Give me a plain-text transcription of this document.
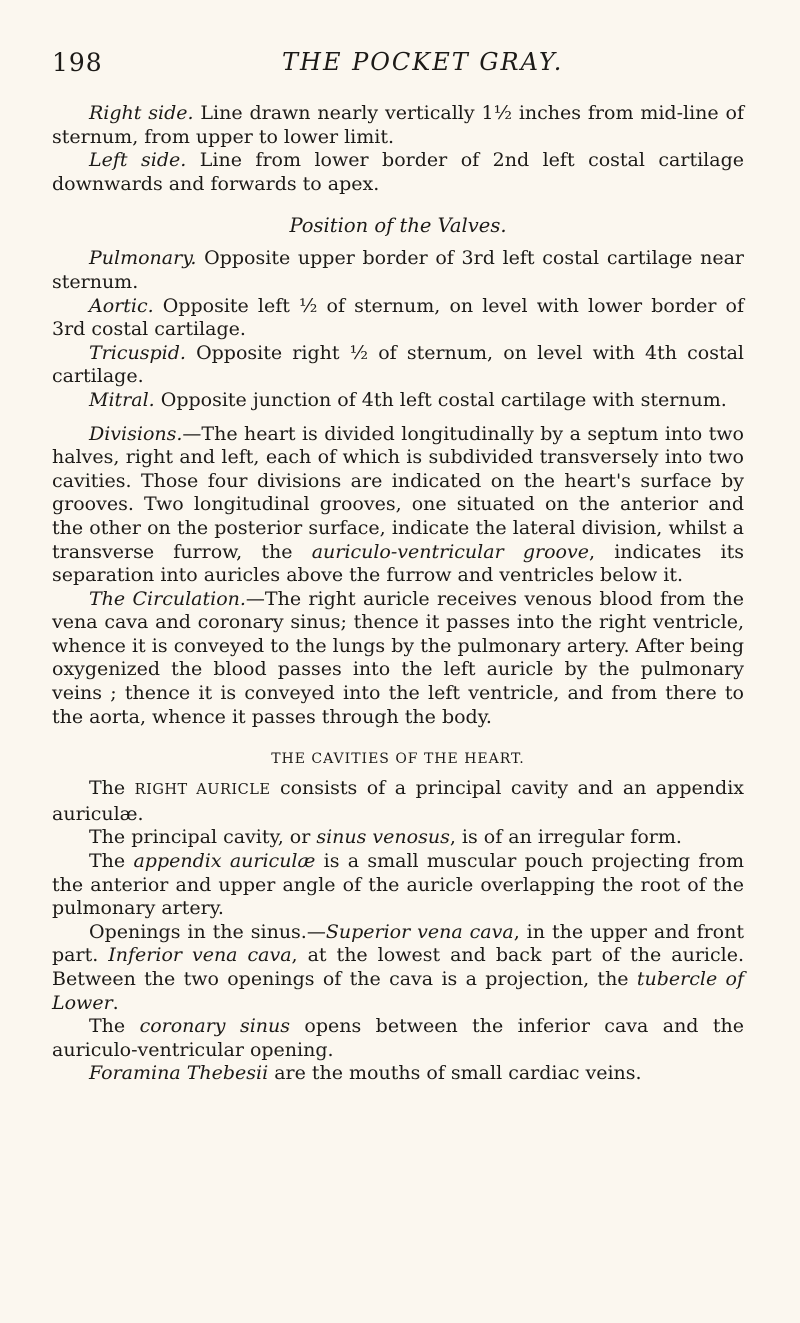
198	THE POCKET GRAY.

Right side. Line drawn nearly vertically 1½ inches from mid-line of sternum, from upper to lower limit.

Left side. Line from lower border of 2nd left costal cartilage downwards and forwards to apex.

Position of the Valves.

Pulmonary. Opposite upper border of 3rd left costal cartilage near sternum.

Aortic. Opposite left ½ of sternum, on level with lower border of 3rd costal cartilage.

Tricuspid. Opposite right ½ of sternum, on level with 4th costal cartilage.

Mitral. Opposite junction of 4th left costal cartilage with sternum.

Divisions.—The heart is divided longitudinally by a septum into two halves, right and left, each of which is subdivided transversely into two cavities. Those four divisions are indicated on the heart's surface by grooves. Two longitudinal grooves, one situated on the anterior and the other on the posterior surface, indicate the lateral division, whilst a transverse furrow, the auriculo-ventricular groove, indicates its separation into auricles above the furrow and ventricles below it.

The Circulation.—The right auricle receives venous blood from the vena cava and coronary sinus; thence it passes into the right ventricle, whence it is conveyed to the lungs by the pulmonary artery. After being oxygenized the blood passes into the left auricle by the pulmonary veins ; thence it is conveyed into the left ventricle, and from there to the aorta, whence it passes through the body.

THE CAVITIES OF THE HEART.

The RIGHT AURICLE consists of a principal cavity and an appendix auriculæ.

The principal cavity, or sinus venosus, is of an irregular form.

The appendix auriculæ is a small muscular pouch projecting from the anterior and upper angle of the auricle overlapping the root of the pulmonary artery.

Openings in the sinus.—Superior vena cava, in the upper and front part. Inferior vena cava, at the lowest and back part of the auricle. Between the two openings of the cava is a projection, the tubercle of Lower.

The coronary sinus opens between the inferior cava and the auriculo-ventricular opening.

Foramina Thebesii are the mouths of small cardiac veins.
